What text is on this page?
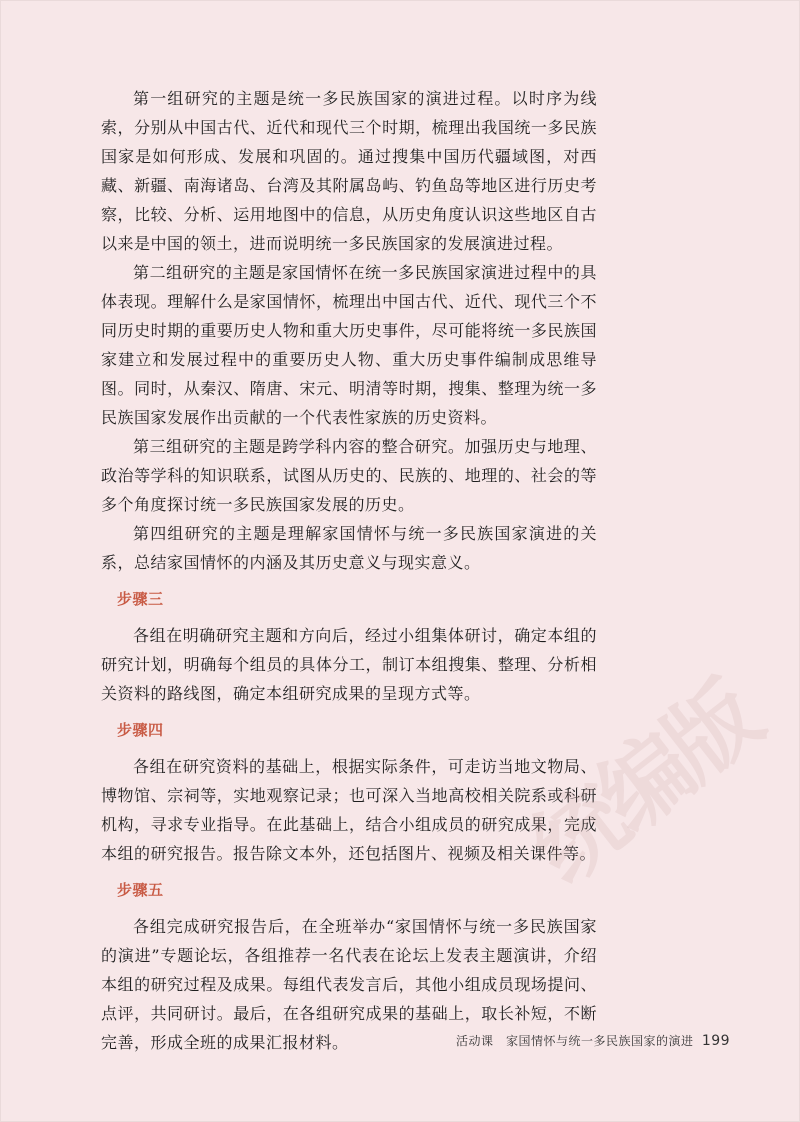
第一组研究的主题是统一多民族国家的演进过程。以时序为线索，分别从中国古代、近代和现代三个时期，梳理出我国统一多民族国家是如何形成、发展和巩固的。通过搜集中国历代疆域图，对西藏、新疆、南海诸岛、台湾及其附属岛屿、钓鱼岛等地区进行历史考察，比较、分析、运用地图中的信息，从历史角度认识这些地区自古以来是中国的领土，进而说明统一多民族国家的发展演进过程。

第二组研究的主题是家国情怀在统一多民族国家演进过程中的具体表现。理解什么是家国情怀，梳理出中国古代、近代、现代三个不同历史时期的重要历史人物和重大历史事件，尽可能将统一多民族国家建立和发展过程中的重要历史人物、重大历史事件编制成思维导图。同时，从秦汉、隋唐、宋元、明清等时期，搜集、整理为统一多民族国家发展作出贡献的一个代表性家族的历史资料。

第三组研究的主题是跨学科内容的整合研究。加强历史与地理、政治等学科的知识联系，试图从历史的、民族的、地理的、社会的等多个角度探讨统一多民族国家发展的历史。

第四组研究的主题是理解家国情怀与统一多民族国家演进的关系，总结家国情怀的内涵及其历史意义与现实意义。

步骤三

各组在明确研究主题和方向后，经过小组集体研讨，确定本组的研究计划，明确每个组员的具体分工，制订本组搜集、整理、分析相关资料的路线图，确定本组研究成果的呈现方式等。

步骤四

各组在研究资料的基础上，根据实际条件，可走访当地文物局、博物馆、宗祠等，实地观察记录；也可深入当地高校相关院系或科研机构，寻求专业指导。在此基础上，结合小组成员的研究成果，完成本组的研究报告。报告除文本外，还包括图片、视频及相关课件等。

步骤五

各组完成研究报告后，在全班举办“家国情怀与统一多民族国家的演进”专题论坛，各组推荐一名代表在论坛上发表主题演讲，介绍本组的研究过程及成果。每组代表发言后，其他小组成员现场提问、点评，共同研讨。最后，在各组研究成果的基础上，取长补短，不断完善，形成全班的成果汇报材料。

统编版
活动课　家国情怀与统一多民族国家的演进 199
